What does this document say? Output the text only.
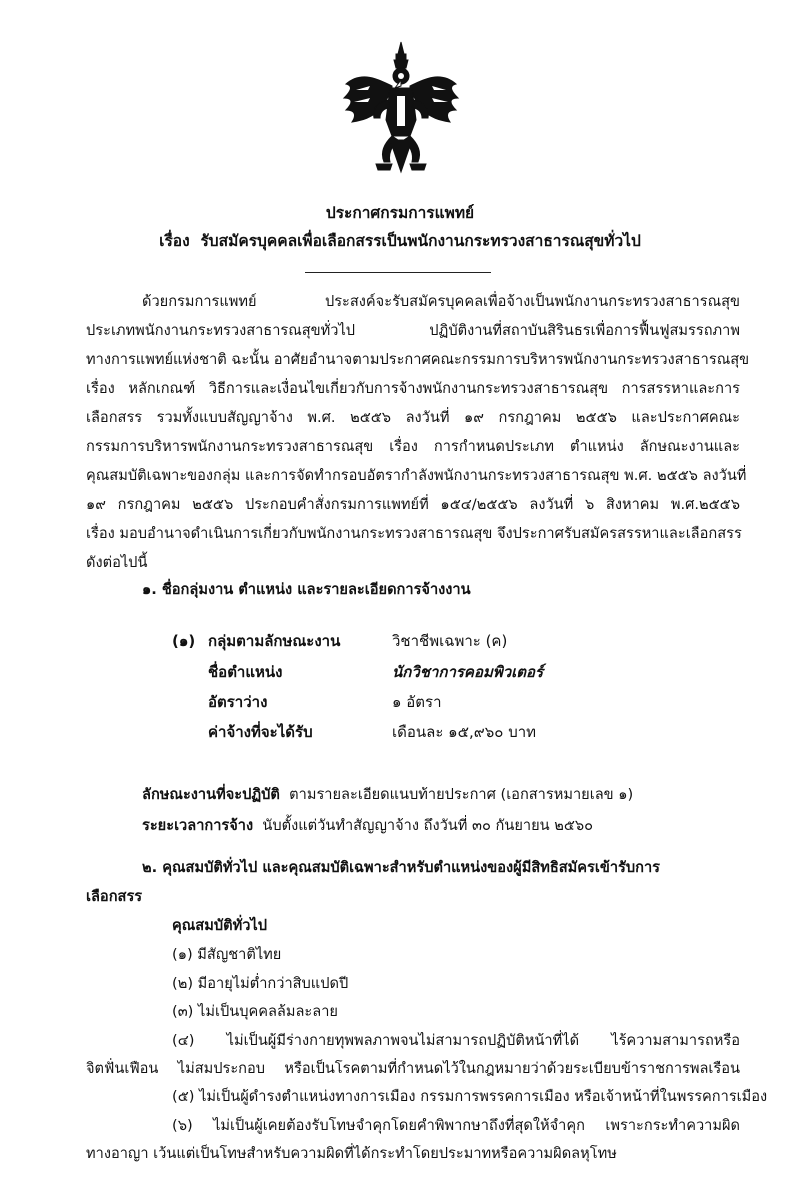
ประกาศกรมการแพทย์
เรื่อง รับสมัครบุคคลเพื่อเลือกสรรเป็นพนักงานกระทรวงสาธารณสุขทั่วไป
ด้วยกรมการแพทย์ ประสงค์จะรับสมัครบุคคลเพื่อจ้างเป็นพนักงานกระทรวงสาธารณสุข
ประเภทพนักงานกระทรวงสาธารณสุขทั่วไป ปฏิบัติงานที่สถาบันสิรินธรเพื่อการฟื้นฟูสมรรถภาพ
ทางการแพทย์แห่งชาติ ฉะนั้น อาศัยอำนาจตามประกาศคณะกรรมการบริหารพนักงานกระทรวงสาธารณสุข
เรื่อง หลักเกณฑ์ วิธีการและเงื่อนไขเกี่ยวกับการจ้างพนักงานกระทรวงสาธารณสุข การสรรหาและการ
เลือกสรร รวมทั้งแบบสัญญาจ้าง พ.ศ. ๒๕๕๖ ลงวันที่ ๑๙ กรกฎาคม ๒๕๕๖ และประกาศคณะ
กรรมการบริหารพนักงานกระทรวงสาธารณสุข เรื่อง การกำหนดประเภท ตำแหน่ง ลักษณะงานและ
คุณสมบัติเฉพาะของกลุ่ม และการจัดทำกรอบอัตรากำลังพนักงานกระทรวงสาธารณสุข พ.ศ. ๒๕๕๖ ลงวันที่
๑๙ กรกฎาคม ๒๕๕๖ ประกอบคำสั่งกรมการแพทย์ที่ ๑๕๔/๒๕๕๖ ลงวันที่ ๖ สิงหาคม พ.ศ.๒๕๕๖
เรื่อง มอบอำนาจดำเนินการเกี่ยวกับพนักงานกระทรวงสาธารณสุข จึงประกาศรับสมัครสรรหาและเลือกสรร
ดังต่อไปนี้
๑. ชื่อกลุ่มงาน ตำแหน่ง และรายละเอียดการจ้างงาน
(๑) กลุ่มตามลักษณะงาน	วิชาชีพเฉพาะ (ค)
ชื่อตำแหน่ง	นักวิชาการคอมพิวเตอร์
อัตราว่าง	๑ อัตรา
ค่าจ้างที่จะได้รับ	เดือนละ ๑๕,๙๖๐ บาท
ลักษณะงานที่จะปฏิบัติ ตามรายละเอียดแนบท้ายประกาศ (เอกสารหมายเลข ๑)
ระยะเวลาการจ้าง นับตั้งแต่วันทำสัญญาจ้าง ถึงวันที่ ๓๐ กันยายน ๒๕๖๐
๒. คุณสมบัติทั่วไป และคุณสมบัติเฉพาะสำหรับตำแหน่งของผู้มีสิทธิสมัครเข้ารับการ
เลือกสรร
คุณสมบัติทั่วไป
(๑) มีสัญชาติไทย
(๒) มีอายุไม่ต่ำกว่าสิบแปดปี
(๓) ไม่เป็นบุคคลล้มละลาย
(๔) ไม่เป็นผู้มีร่างกายทุพพลภาพจนไม่สามารถปฏิบัติหน้าที่ได้ ไร้ความสามารถหรือ
จิตฟั่นเฟือน ไม่สมประกอบ หรือเป็นโรคตามที่กำหนดไว้ในกฎหมายว่าด้วยระเบียบข้าราชการพลเรือน
(๕) ไม่เป็นผู้ดำรงตำแหน่งทางการเมือง กรรมการพรรคการเมือง หรือเจ้าหน้าที่ในพรรคการเมือง
(๖) ไม่เป็นผู้เคยต้องรับโทษจำคุกโดยคำพิพากษาถึงที่สุดให้จำคุก เพราะกระทำความผิด
ทางอาญา เว้นแต่เป็นโทษสำหรับความผิดที่ได้กระทำโดยประมาทหรือความผิดลหุโทษ
